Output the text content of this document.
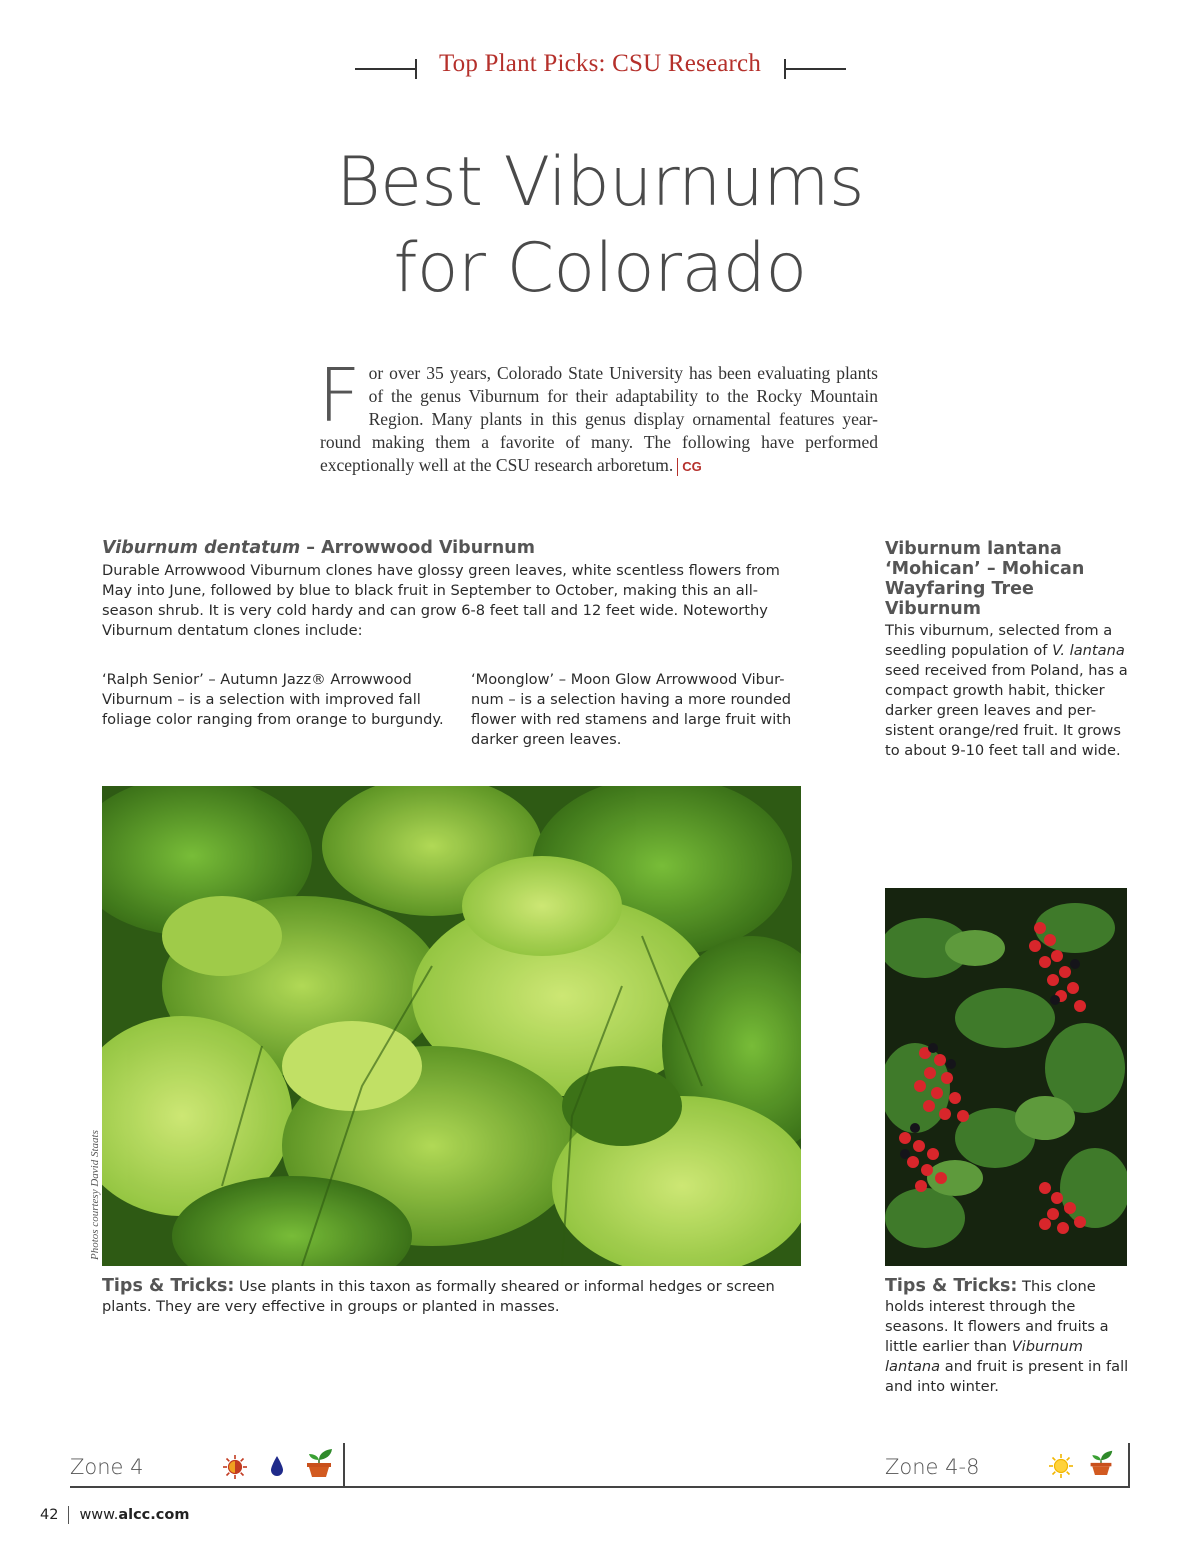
Top Plant Picks: CSU Research
Best Viburnums
for Colorado
For over 35 years, Colorado State University has been evaluating plants of the genus Viburnum for their adaptability to the Rocky Mountain Region. Many plants in this genus display ornamental features year-round making them a favorite of many. The following have performed exceptionally well at the CSU research arboretum. CG
Viburnum dentatum – Arrowwood Viburnum
Durable Arrowwood Viburnum clones have glossy green leaves, white scentless flowers from May into June, followed by blue to black fruit in September to October, making this an all-season shrub. It is very cold hardy and can grow 6-8 feet tall and 12 feet wide. Noteworthy Viburnum dentatum clones include:
‘Ralph Senior’ – Autumn Jazz® Arrowwood Viburnum – is a selection with improved fall foliage color ranging from orange to burgundy.
‘Moonglow’ – Moon Glow Arrowwood Vibur-num – is a selection having a more rounded flower with red stamens and large fruit with darker green leaves.
Viburnum lantana ‘Mohican’ – Mohican Wayfaring Tree Viburnum
This viburnum, selected from a seedling population of V. lantana seed received from Poland, has a compact growth habit, thicker darker green leaves and per-sistent orange/red fruit. It grows to about 9-10 feet tall and wide.
Photos courtesy David Staats
Tips & Tricks: Use plants in this taxon as formally sheared or informal hedges or screen plants. They are very effective in groups or planted in masses.
Tips & Tricks: This clone holds interest through the seasons. It flowers and fruits a little earlier than Viburnum lantana and fruit is present in fall and into winter.
Zone 4	Zone 4-8
42 www.alcc.com
